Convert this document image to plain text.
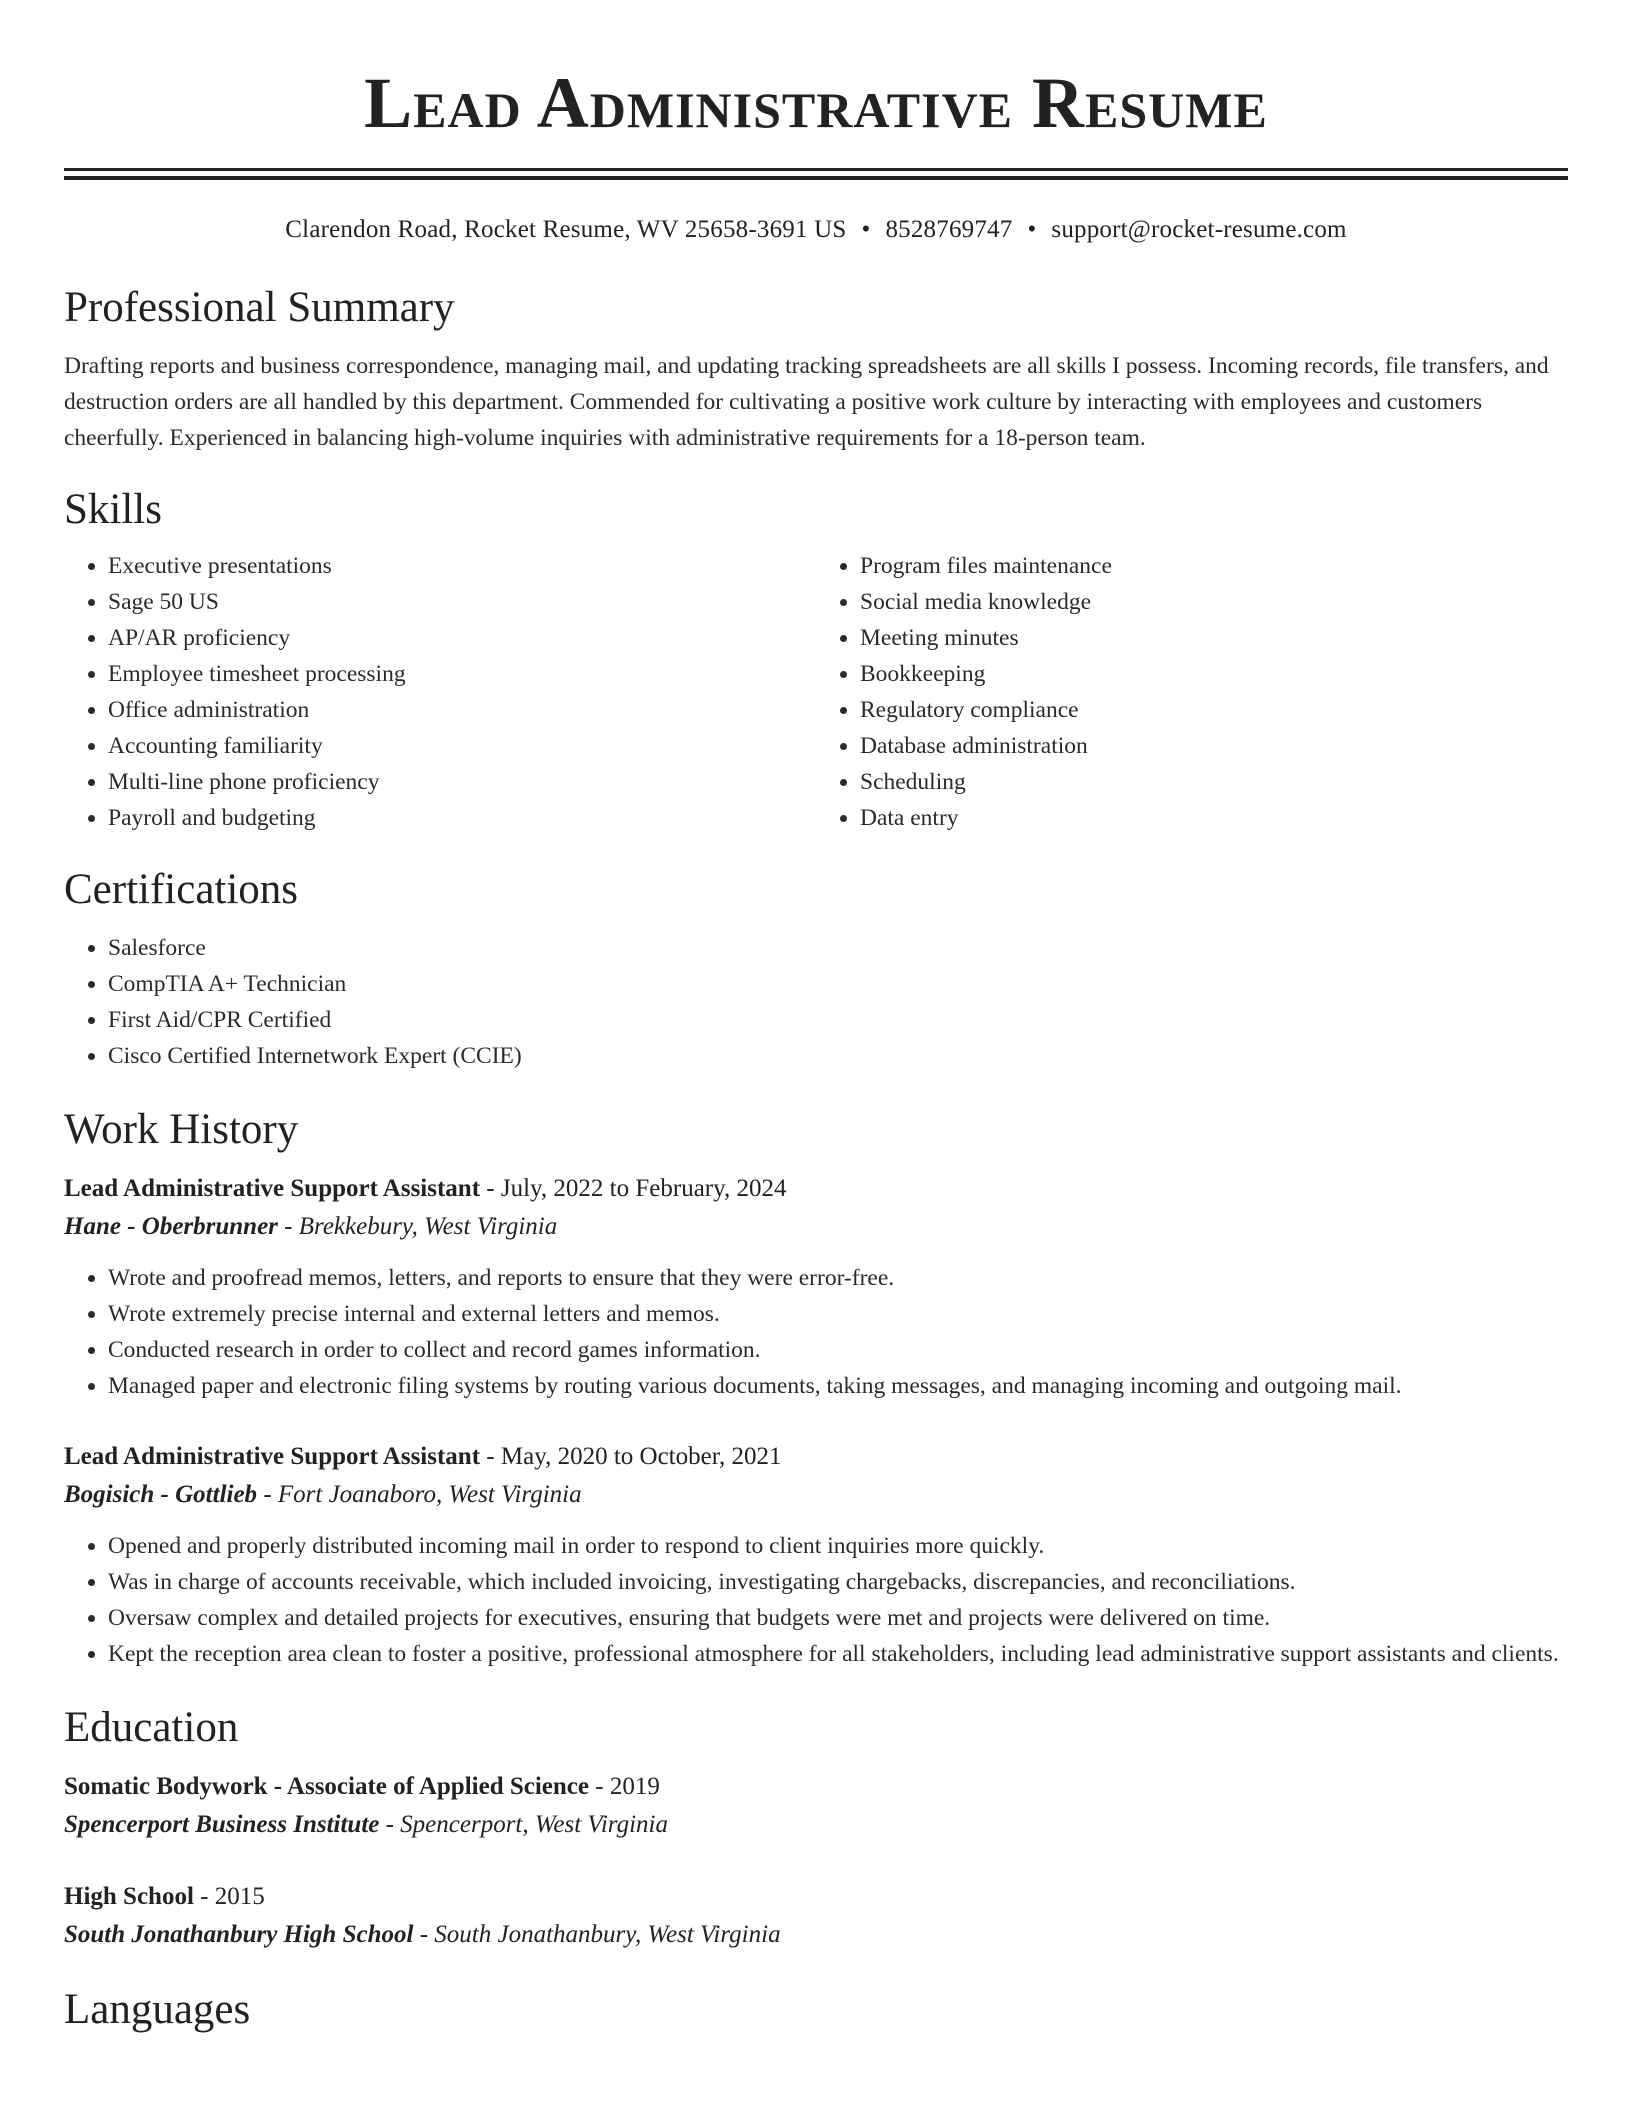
Lead Administrative Resume
Clarendon Road, Rocket Resume, WV 25658-3691 US • 8528769747 • support@rocket-resume.com
Professional Summary

Drafting reports and business correspondence, managing mail, and updating tracking spreadsheets are all skills I possess. Incoming records, file transfers, and destruction orders are all handled by this department. Commended for cultivating a positive work culture by interacting with employees and customers cheerfully. Experienced in balancing high-volume inquiries with administrative requirements for a 18-person team.

Skills
• Executive presentations
• Sage 50 US
• AP/AR proficiency
• Employee timesheet processing
• Office administration
• Accounting familiarity
• Multi-line phone proficiency
• Payroll and budgeting
• Program files maintenance
• Social media knowledge
• Meeting minutes
• Bookkeeping
• Regulatory compliance
• Database administration
• Scheduling
• Data entry
Certifications
• Salesforce
• CompTIA A+ Technician
• First Aid/CPR Certified
• Cisco Certified Internetwork Expert (CCIE)
Work History
Lead Administrative Support Assistant - July, 2022 to February, 2024
Hane - Oberbrunner - Brekkebury, West Virginia
• Wrote and proofread memos, letters, and reports to ensure that they were error-free.
• Wrote extremely precise internal and external letters and memos.
• Conducted research in order to collect and record games information.
• Managed paper and electronic filing systems by routing various documents, taking messages, and managing incoming and outgoing mail.
Lead Administrative Support Assistant - May, 2020 to October, 2021
Bogisich - Gottlieb - Fort Joanaboro, West Virginia
• Opened and properly distributed incoming mail in order to respond to client inquiries more quickly.
• Was in charge of accounts receivable, which included invoicing, investigating chargebacks, discrepancies, and reconciliations.
• Oversaw complex and detailed projects for executives, ensuring that budgets were met and projects were delivered on time.
• Kept the reception area clean to foster a positive, professional atmosphere for all stakeholders, including lead administrative support assistants and clients.
Education
Somatic Bodywork - Associate of Applied Science - 2019
Spencerport Business Institute - Spencerport, West Virginia
High School - 2015
South Jonathanbury High School - South Jonathanbury, West Virginia
Languages
